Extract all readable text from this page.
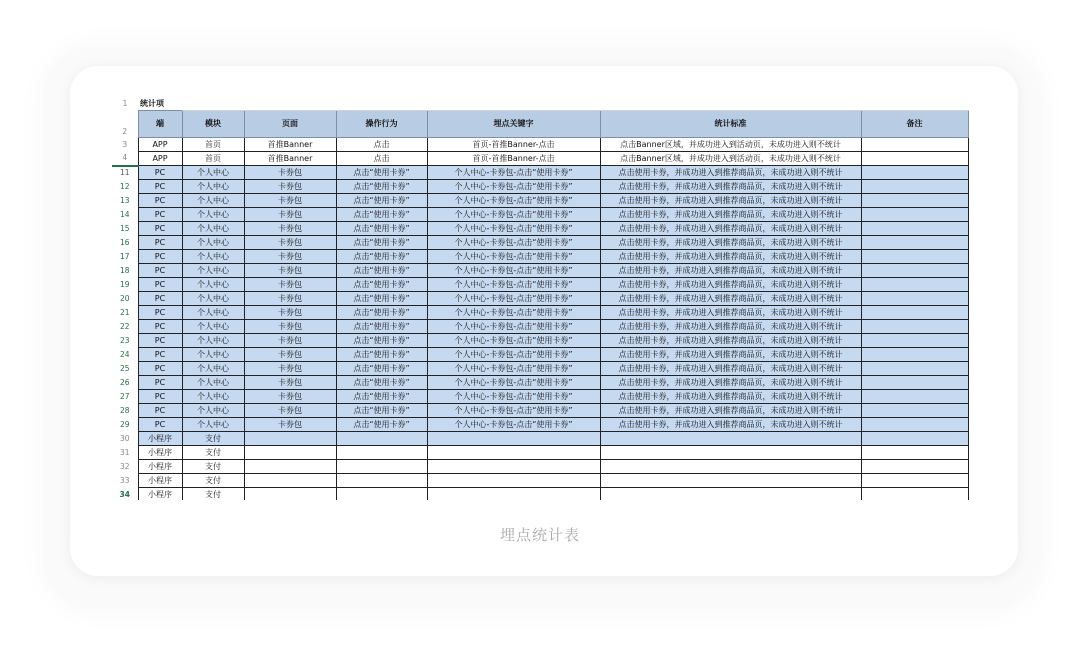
1	统计项						
2	端	模块	页面	操作行为	埋点关键字	统计标准	备注
3	APP	首页	首推Banner	点击	首页-首推Banner-点击	点击Banner区域，并成功进入到活动页，未成功进入则不统计	
4	APP	首页	首推Banner	点击	首页-首推Banner-点击	点击Banner区域，并成功进入到活动页，未成功进入则不统计	
11	PC	个人中心	卡券包	点击“使用卡券”	个人中心-卡券包-点击“使用卡券”	点击使用卡券，并成功进入到推荐商品页，未成功进入则不统计	
12	PC	个人中心	卡券包	点击“使用卡券”	个人中心-卡券包-点击“使用卡券”	点击使用卡券，并成功进入到推荐商品页，未成功进入则不统计	
13	PC	个人中心	卡券包	点击“使用卡券”	个人中心-卡券包-点击“使用卡券”	点击使用卡券，并成功进入到推荐商品页，未成功进入则不统计	
14	PC	个人中心	卡券包	点击“使用卡券”	个人中心-卡券包-点击“使用卡券”	点击使用卡券，并成功进入到推荐商品页，未成功进入则不统计	
15	PC	个人中心	卡券包	点击“使用卡券”	个人中心-卡券包-点击“使用卡券”	点击使用卡券，并成功进入到推荐商品页，未成功进入则不统计	
16	PC	个人中心	卡券包	点击“使用卡券”	个人中心-卡券包-点击“使用卡券”	点击使用卡券，并成功进入到推荐商品页，未成功进入则不统计	
17	PC	个人中心	卡券包	点击“使用卡券”	个人中心-卡券包-点击“使用卡券”	点击使用卡券，并成功进入到推荐商品页，未成功进入则不统计	
18	PC	个人中心	卡券包	点击“使用卡券”	个人中心-卡券包-点击“使用卡券”	点击使用卡券，并成功进入到推荐商品页，未成功进入则不统计	
19	PC	个人中心	卡券包	点击“使用卡券”	个人中心-卡券包-点击“使用卡券”	点击使用卡券，并成功进入到推荐商品页，未成功进入则不统计	
20	PC	个人中心	卡券包	点击“使用卡券”	个人中心-卡券包-点击“使用卡券”	点击使用卡券，并成功进入到推荐商品页，未成功进入则不统计	
21	PC	个人中心	卡券包	点击“使用卡券”	个人中心-卡券包-点击“使用卡券”	点击使用卡券，并成功进入到推荐商品页，未成功进入则不统计	
22	PC	个人中心	卡券包	点击“使用卡券”	个人中心-卡券包-点击“使用卡券”	点击使用卡券，并成功进入到推荐商品页，未成功进入则不统计	
23	PC	个人中心	卡券包	点击“使用卡券”	个人中心-卡券包-点击“使用卡券”	点击使用卡券，并成功进入到推荐商品页，未成功进入则不统计	
24	PC	个人中心	卡券包	点击“使用卡券”	个人中心-卡券包-点击“使用卡券”	点击使用卡券，并成功进入到推荐商品页，未成功进入则不统计	
25	PC	个人中心	卡券包	点击“使用卡券”	个人中心-卡券包-点击“使用卡券”	点击使用卡券，并成功进入到推荐商品页，未成功进入则不统计	
26	PC	个人中心	卡券包	点击“使用卡券”	个人中心-卡券包-点击“使用卡券”	点击使用卡券，并成功进入到推荐商品页，未成功进入则不统计	
27	PC	个人中心	卡券包	点击“使用卡券”	个人中心-卡券包-点击“使用卡券”	点击使用卡券，并成功进入到推荐商品页，未成功进入则不统计	
28	PC	个人中心	卡券包	点击“使用卡券”	个人中心-卡券包-点击“使用卡券”	点击使用卡券，并成功进入到推荐商品页，未成功进入则不统计	
29	PC	个人中心	卡券包	点击“使用卡券”	个人中心-卡券包-点击“使用卡券”	点击使用卡券，并成功进入到推荐商品页，未成功进入则不统计	
30	小程序	支付					
31	小程序	支付					
32	小程序	支付					
33	小程序	支付					
34	小程序	支付					
埋点统计表
